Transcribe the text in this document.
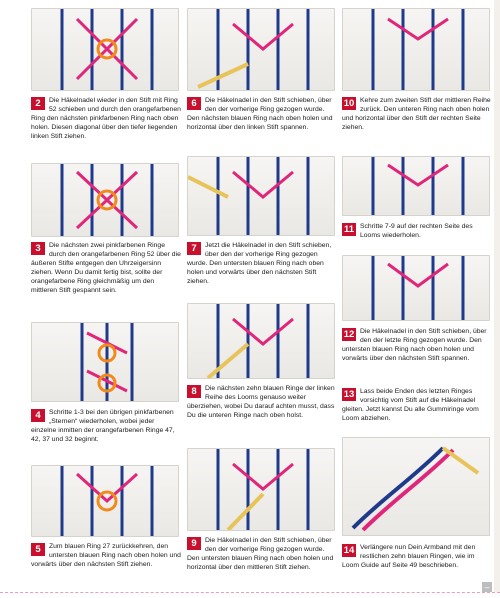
2	Die Häkelnadel wieder in den Stift mit Ring 52 schieben und durch den orangefarbenen Ring den nächsten pinkfarbenen Ring nach oben holen. Diesen diagonal über den tiefer liegenden linken Stift ziehen.
3	Die nächsten zwei pinkfarbenen Ringe durch den orangefarbenen Ring 52 über die äußeren Stifte entgegen den Uhrzeigersinn ziehen. Wenn Du damit fertig bist, sollte der orangefarbene Ring gleichmäßig um den mittleren Stift gespannt sein.
4	Schritte 1-3 bei den übrigen pinkfarbenen „Sternen“ wiederholen, wobei jeder einzelne inmitten der orangefarbenen Ringe 47, 42, 37 und 32 beginnt.
5	Zum blauen Ring 27 zurückkehren, den untersten blauen Ring nach oben holen und vorwärts über den nächsten Stift ziehen.
6	Die Häkelnadel in den Stift schieben, über den der vorherige Ring gezogen wurde. Den nächsten blauen Ring nach oben holen und horizontal über den linken Stift spannen.
7	Jetzt die Häkelnadel in den Stift schieben, über den der vorherige Ring gezogen wurde. Den untersten blauen Ring nach oben holen und vorwärts über den nächsten Stift ziehen.
8	Die nächsten zehn blauen Ringe der linken Reihe des Looms genauso weiter überziehen, wobei Du darauf achten musst, dass Du die unteren Ringe nach oben holst.
9	Die Häkelnadel in den Stift schieben, über den der vorherige Ring gezogen wurde. Den untersten blauen Ring nach oben holen und horizontal über den mittleren Stift ziehen.
10 Kehre zum zweiten Stift der mittleren Reihe zurück. Den unteren Ring nach oben holen und horizontal über den Stift der rechten Seite ziehen.
11 Schritte 7-9 auf der rechten Seite des Looms wiederholen.
12 Die Häkelnadel in den Stift schieben, über den der letzte Ring gezogen wurde. Den untersten blauen Ring nach oben holen und vorwärts über den nächsten Stift spannen.
13 Lass beide Enden des letzten Ringes vorsichtig vom Stift auf die Häkelnadel gleiten. Jetzt kannst Du alle Gummiringe vom Loom abziehen.
14 Verlängere nun Dein Armband mit den restlichen zehn blauen Ringen, wie im Loom Guide auf Seite 49 beschrieben.
–
